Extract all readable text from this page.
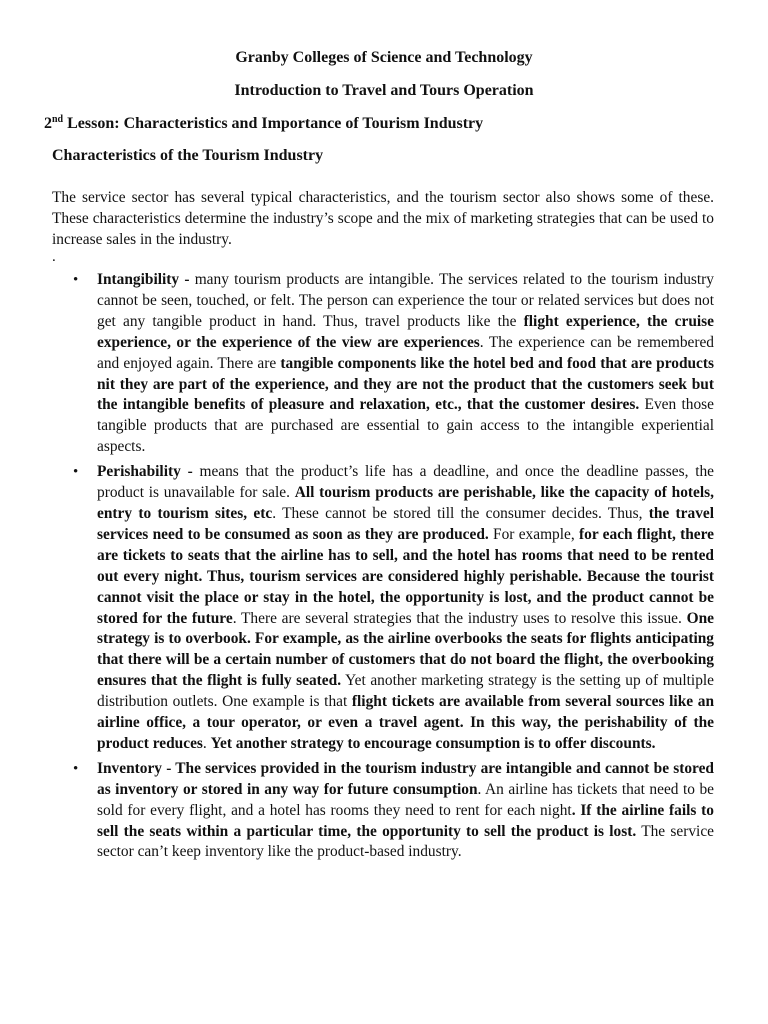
Granby Colleges of Science and Technology
Introduction to Travel and Tours Operation
2nd Lesson: Characteristics and Importance of Tourism Industry
Characteristics of the Tourism Industry
The service sector has several typical characteristics, and the tourism sector also shows some of these. These characteristics determine the industry’s scope and the mix of marketing strategies that can be used to increase sales in the industry.
.
• Intangibility - many tourism products are intangible. The services related to the tourism industry cannot be seen, touched, or felt. The person can experience the tour or related services but does not get any tangible product in hand. Thus, travel products like the flight experience, the cruise experience, or the experience of the view are experiences. The experience can be remembered and enjoyed again. There are tangible components like the hotel bed and food that are products nit they are part of the experience, and they are not the product that the customers seek but the intangible benefits of pleasure and relaxation, etc., that the customer desires. Even those tangible products that are purchased are essential to gain access to the intangible experiential aspects.
• Perishability - means that the product’s life has a deadline, and once the deadline passes, the product is unavailable for sale. All tourism products are perishable, like the capacity of hotels, entry to tourism sites, etc. These cannot be stored till the consumer decides. Thus, the travel services need to be consumed as soon as they are produced. For example, for each flight, there are tickets to seats that the airline has to sell, and the hotel has rooms that need to be rented out every night. Thus, tourism services are considered highly perishable. Because the tourist cannot visit the place or stay in the hotel, the opportunity is lost, and the product cannot be stored for the future. There are several strategies that the industry uses to resolve this issue. One strategy is to overbook. For example, as the airline overbooks the seats for flights anticipating that there will be a certain number of customers that do not board the flight, the overbooking ensures that the flight is fully seated. Yet another marketing strategy is the setting up of multiple distribution outlets. One example is that flight tickets are available from several sources like an airline office, a tour operator, or even a travel agent. In this way, the perishability of the product reduces. Yet another strategy to encourage consumption is to offer discounts.
• Inventory - The services provided in the tourism industry are intangible and cannot be stored as inventory or stored in any way for future consumption. An airline has tickets that need to be sold for every flight, and a hotel has rooms they need to rent for each night. If the airline fails to sell the seats within a particular time, the opportunity to sell the product is lost. The service sector can’t keep inventory like the product-based industry.
